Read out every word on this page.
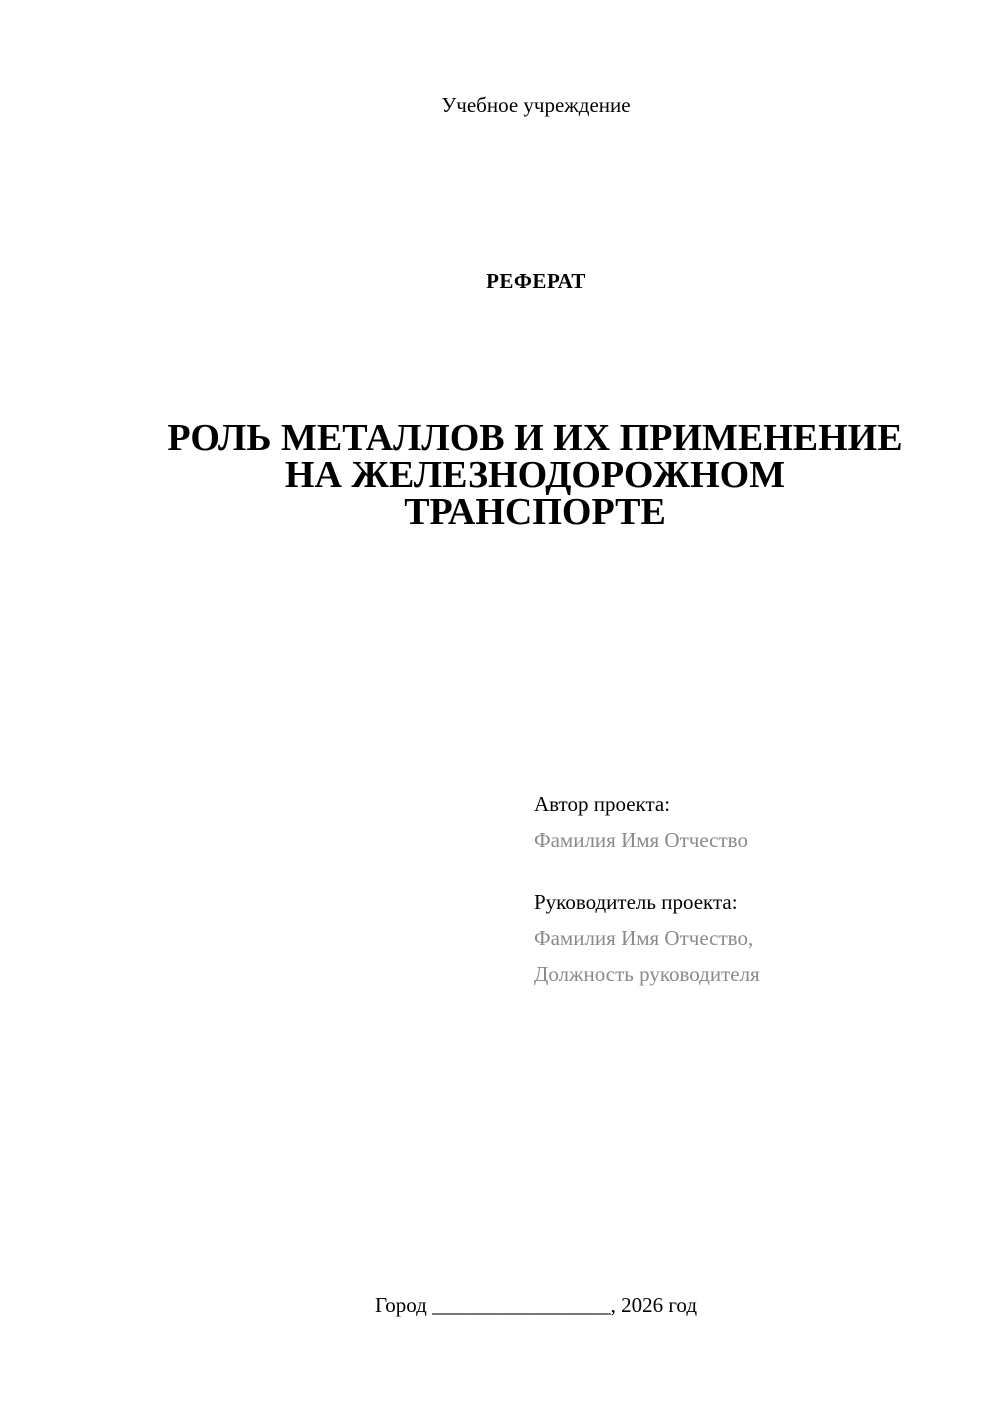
Учебное учреждение
РЕФЕРАТ
РОЛЬ МЕТАЛЛОВ И ИХ ПРИМЕНЕНИЕ
НА ЖЕЛЕЗНОДОРОЖНОМ
ТРАНСПОРТЕ
Автор проекта:
Фамилия Имя Отчество
Руководитель проекта:
Фамилия Имя Отчество,
Должность руководителя
Город _________________, 2026 год
